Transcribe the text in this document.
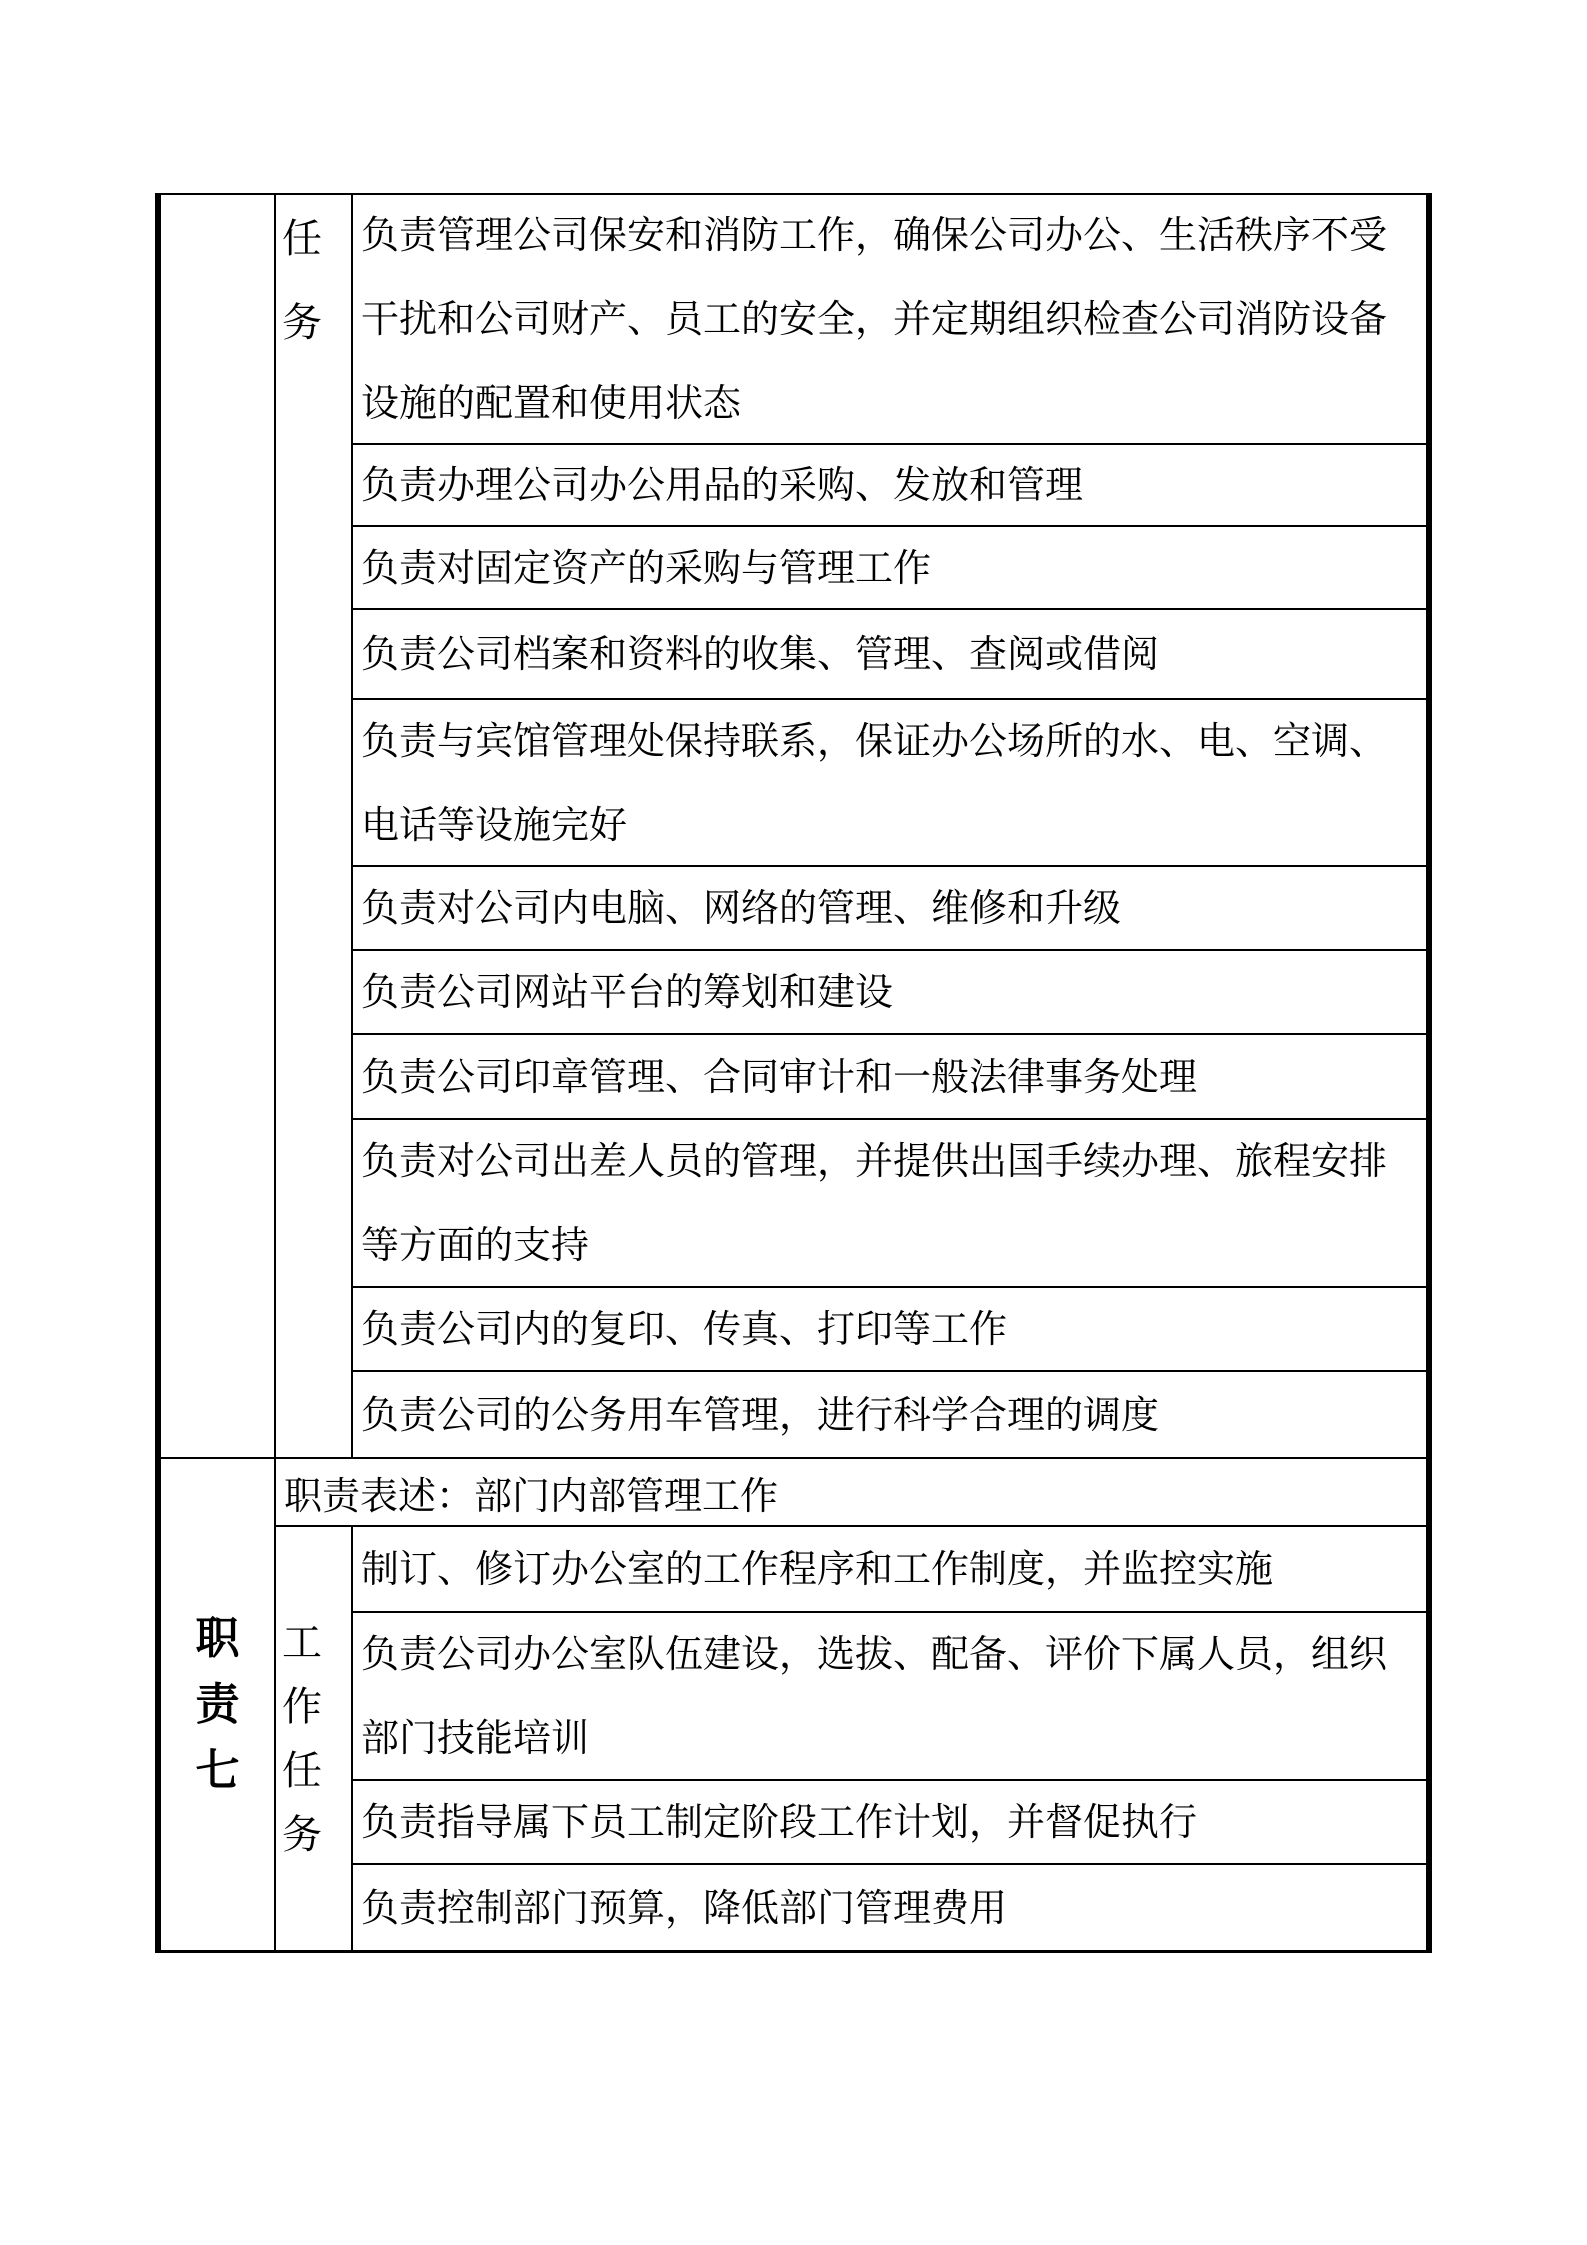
任务
负责管理公司保安和消防工作，确保公司办公、生活秩序不受干扰和公司财产、员工的安全，并定期组织检查公司消防设备设施的配置和使用状态
负责办理公司办公用品的采购、发放和管理
负责对固定资产的采购与管理工作
负责公司档案和资料的收集、管理、查阅或借阅
负责与宾馆管理处保持联系，保证办公场所的水、电、空调、电话等设施完好
负责对公司内电脑、网络的管理、维修和升级
负责公司网站平台的筹划和建设
负责公司印章管理、合同审计和一般法律事务处理
负责对公司出差人员的管理，并提供出国手续办理、旅程安排等方面的支持
负责公司内的复印、传真、打印等工作
负责公司的公务用车管理，进行科学合理的调度
职责七
职责表述：部门内部管理工作
工作任务
制订、修订办公室的工作程序和工作制度，并监控实施
负责公司办公室队伍建设，选拔、配备、评价下属人员，组织部门技能培训
负责指导属下员工制定阶段工作计划，并督促执行
负责控制部门预算，降低部门管理费用
